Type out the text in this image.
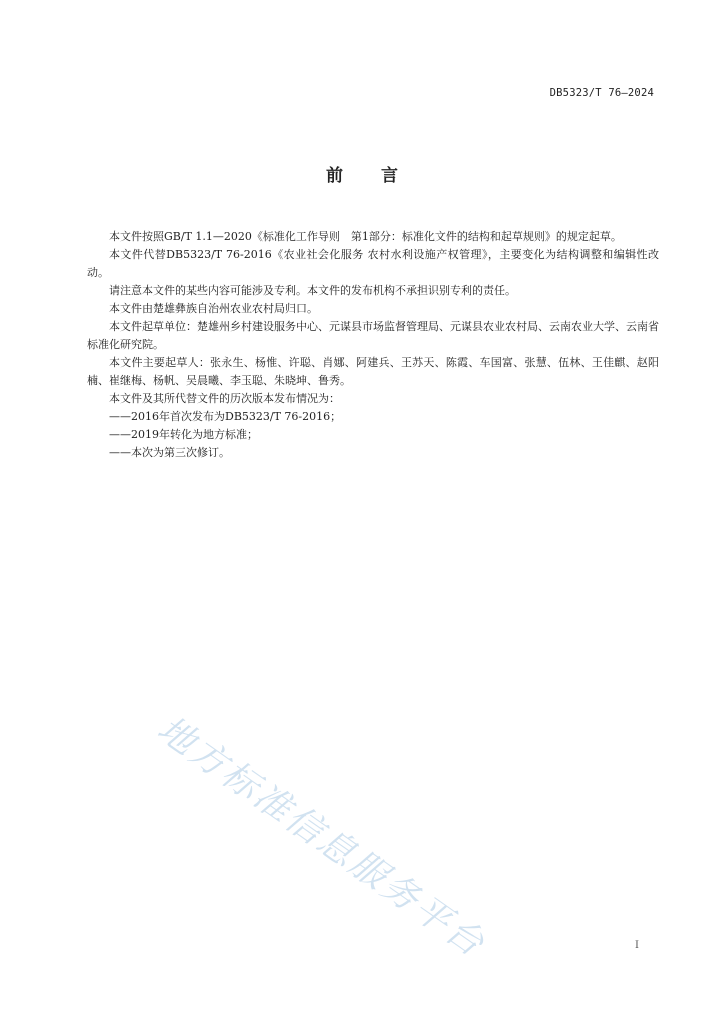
DB5323/T 76—2024
前 言

本文件按照GB/T 1.1—2020《标准化工作导则　第1部分：标准化文件的结构和起草规则》的规定起草。

本文件代替DB5323/T 76-2016《农业社会化服务 农村水利设施产权管理》，主要变化为结构调整和编辑性改动。

请注意本文件的某些内容可能涉及专利。本文件的发布机构不承担识别专利的责任。

本文件由楚雄彝族自治州农业农村局归口。

本文件起草单位：楚雄州乡村建设服务中心、元谋县市场监督管理局、元谋县农业农村局、云南农业大学、云南省标准化研究院。

本文件主要起草人：张永生、杨惟、许聪、肖娜、阿建兵、王苏天、陈霞、车国富、张慧、伍林、王佳麒、赵阳楠、崔继梅、杨帆、吴晨曦、李玉聪、朱晓坤、鲁秀。

本文件及其所代替文件的历次版本发布情况为：

——2016年首次发布为DB5323/T 76-2016；

——2019年转化为地方标准；

——本次为第三次修订。

地方标准信息服务平台	I
